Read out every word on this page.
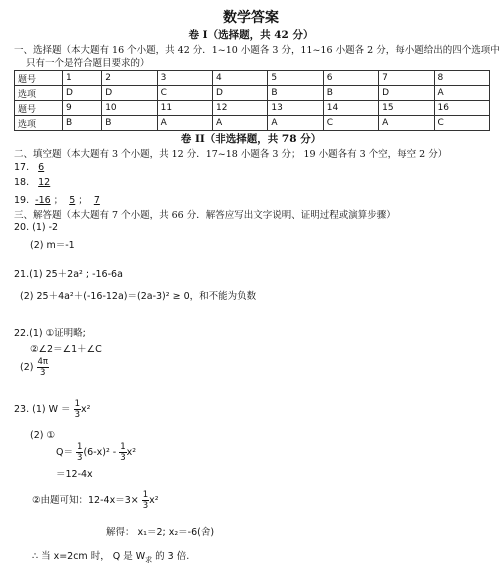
数学答案
卷 I（选择题，共 42 分）
一、选择题（本大题有 16 个小题，共 42 分．1~10 小题各 3 分，11~16 小题各 2 分，每小题给出的四个选项中
只有一个是符合题目要求的）
题号	1	2	3	4	5	6	7	8
选项	D	D	C	D	B	B	D	A
题号	9	10	11	12	13	14	15	16
选项	B	B	A	A	A	C	A	C
卷 II（非选择题，共 78 分）
二、填空题（本大题有 3 个小题，共 12 分．17~18 小题各 3 分； 19 小题各有 3 个空，每空 2 分）
17. 6
18. 12
19. -16 ； 5 ； 7
三、解答题（本大题有 7 个小题，共 66 分．解答应写出文字说明、证明过程或演算步骤）
20. (1) -2
(2) m＝-1
21.(1) 25＋2a² ; -16-6a
(2) 25＋4a²＋(-16-12a)＝(2a-3)² ≥ 0，和不能为负数
22.(1) ①证明略;
②∠2＝∠1＋∠C
$(2) \frac{4\pi}{3}$
23. (1) $W = \frac{1}{3} x^2$
(2) ①
$Q= \frac{1}{3} (6-x)^2 - \frac{1}{3} x^2$
＝12-4x
②由题可知：$12-4x=3\times \frac{1}{3} x^2$
解得： x₁＝2; x₂＝-6(舍)
∴ 当 x=2cm 时， Q 是 $W_求$ 的 3 倍.
